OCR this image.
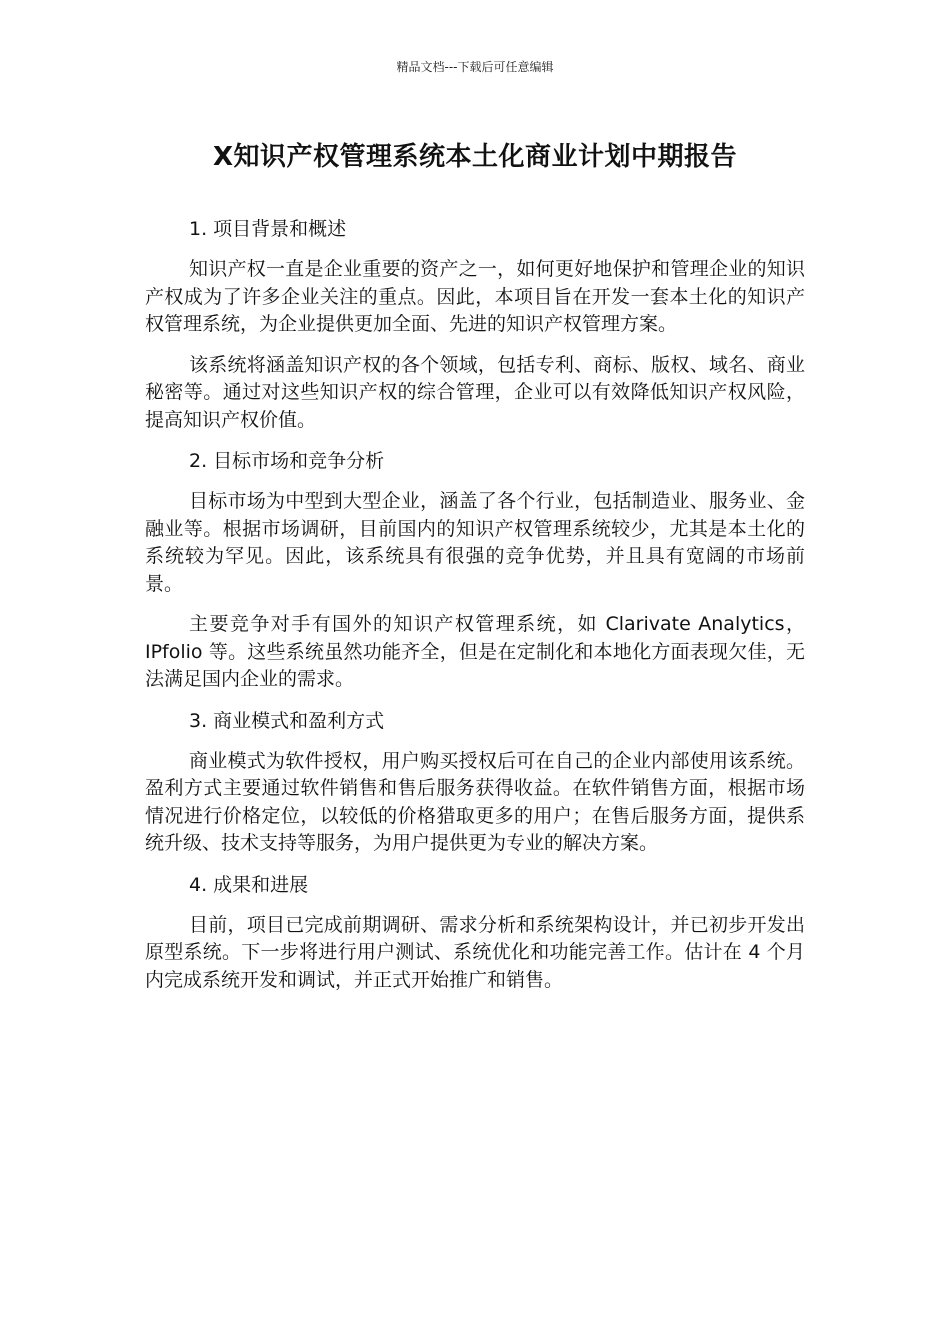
精品文档---下载后可任意编辑
X知识产权管理系统本土化商业计划中期报告

1. 项目背景和概述

知识产权一直是企业重要的资产之一，如何更好地保护和管理企业的知识产权成为了许多企业关注的重点。因此，本项目旨在开发一套本土化的知识产权管理系统，为企业提供更加全面、先进的知识产权管理方案。

该系统将涵盖知识产权的各个领域，包括专利、商标、版权、域名、商业秘密等。通过对这些知识产权的综合管理，企业可以有效降低知识产权风险，提高知识产权价值。

2. 目标市场和竞争分析

目标市场为中型到大型企业，涵盖了各个行业，包括制造业、服务业、金融业等。根据市场调研，目前国内的知识产权管理系统较少，尤其是本土化的系统较为罕见。因此，该系统具有很强的竞争优势，并且具有宽阔的市场前景。

主要竞争对手有国外的知识产权管理系统，如 Clarivate Analytics，IPfolio 等。这些系统虽然功能齐全，但是在定制化和本地化方面表现欠佳，无法满足国内企业的需求。

3. 商业模式和盈利方式

商业模式为软件授权，用户购买授权后可在自己的企业内部使用该系统。盈利方式主要通过软件销售和售后服务获得收益。在软件销售方面，根据市场情况进行价格定位，以较低的价格猎取更多的用户；在售后服务方面，提供系统升级、技术支持等服务，为用户提供更为专业的解决方案。

4. 成果和进展

目前，项目已完成前期调研、需求分析和系统架构设计，并已初步开发出原型系统。下一步将进行用户测试、系统优化和功能完善工作。估计在 4 个月内完成系统开发和调试，并正式开始推广和销售。
